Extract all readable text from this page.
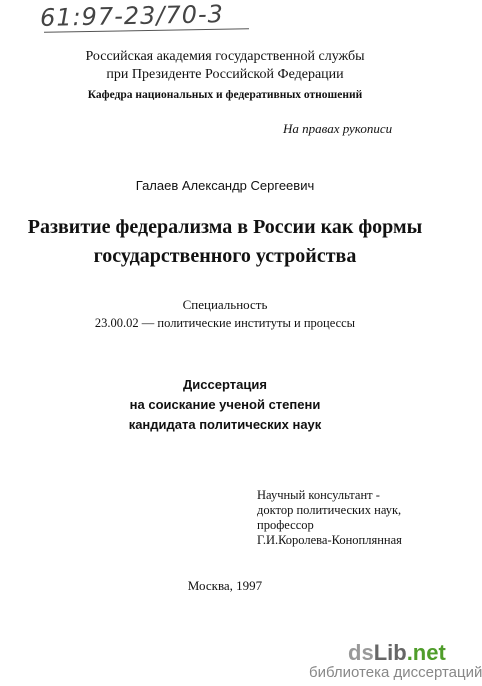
61:97-23/70-3
Российская академия государственной службы
при Президенте Российской Федерации
Кафедра национальных и федеративных отношений
На правах рукописи
Галаев Александр Сергеевич
Развитие федерализма в России как формы
государственного устройства
Специальность
23.00.02 — политические институты и процессы
Диссертация
на соискание ученой степени
кандидата политических наук
Научный консультант -
доктор политических наук,
профессор
Г.И.Королева-Коноплянная
Москва, 1997
dsLib.net
библиотека диссертаций
